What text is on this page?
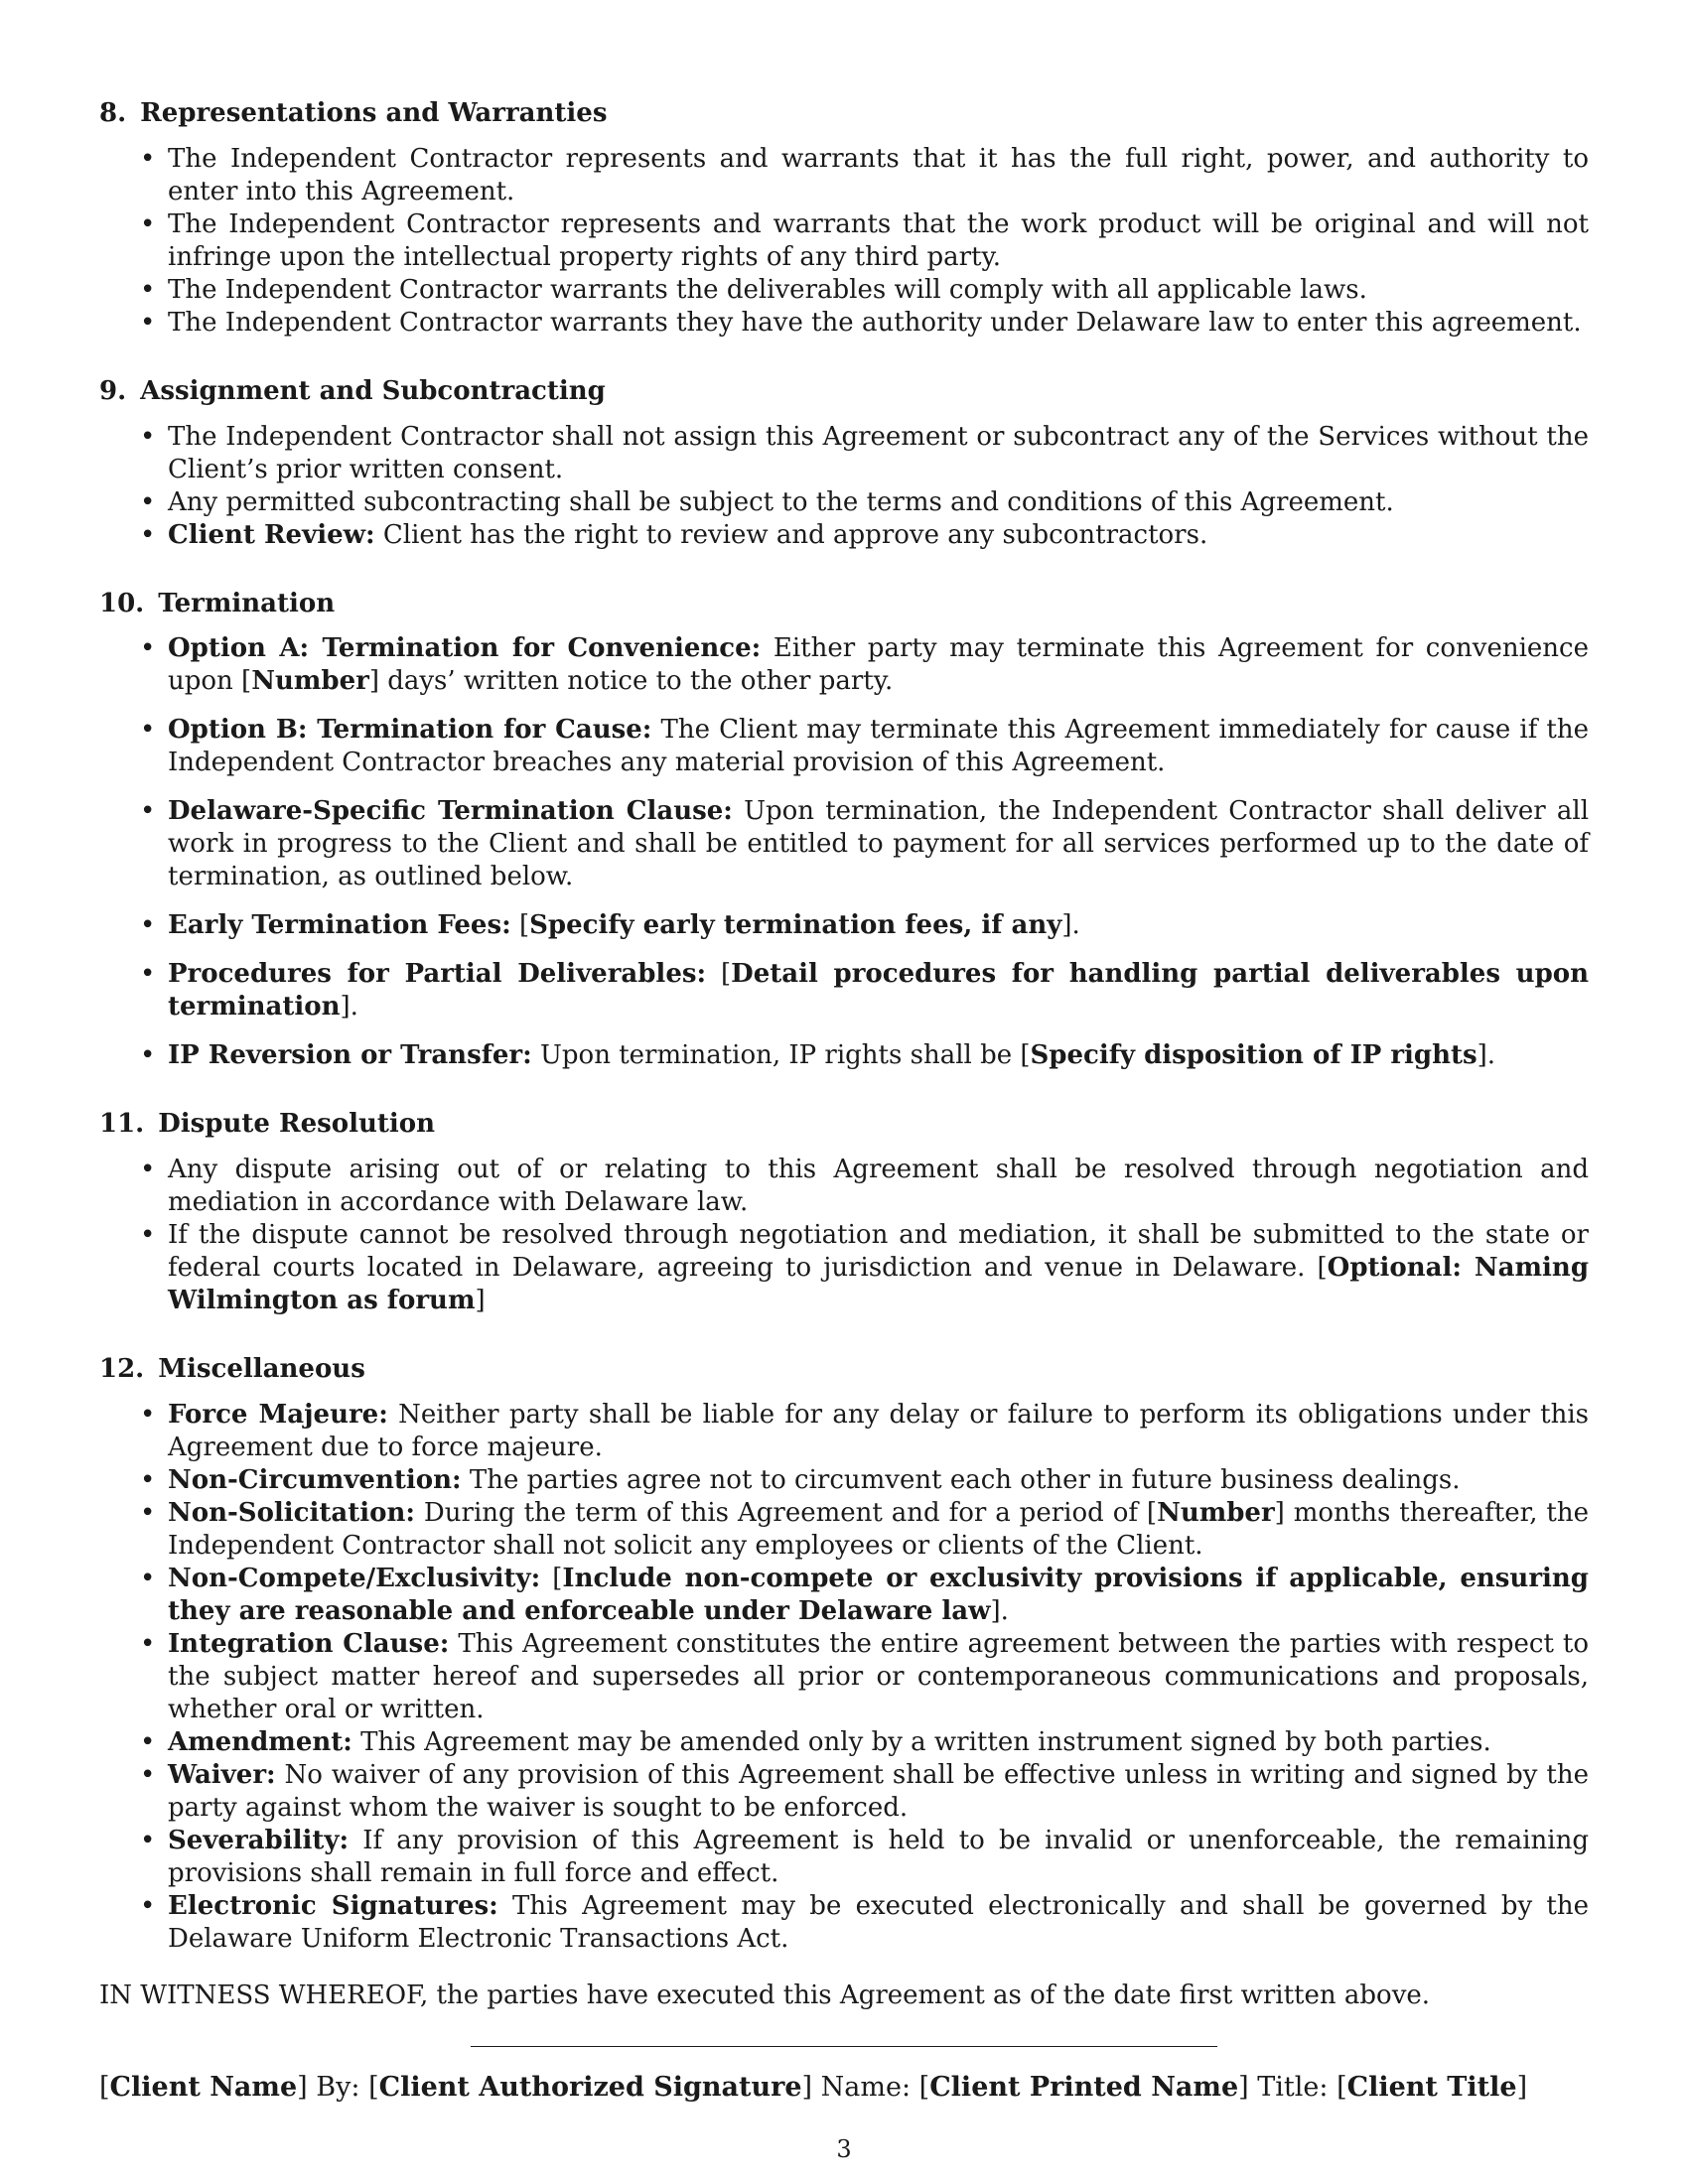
8. Representations and Warranties
• The Independent Contractor represents and warrants that it has the full right, power, and authority to enter into this Agreement.
• The Independent Contractor represents and warrants that the work product will be original and will not infringe upon the intellectual property rights of any third party.
• The Independent Contractor warrants the deliverables will comply with all applicable laws.
• The Independent Contractor warrants they have the authority under Delaware law to enter this agreement.
9. Assignment and Subcontracting
• The Independent Contractor shall not assign this Agreement or subcontract any of the Services without the Client’s prior written consent.
• Any permitted subcontracting shall be subject to the terms and conditions of this Agreement.
• Client Review: Client has the right to review and approve any subcontractors.
10. Termination
• Option A: Termination for Convenience: Either party may terminate this Agreement for convenience upon [Number] days’ written notice to the other party.
• Option B: Termination for Cause: The Client may terminate this Agreement immediately for cause if the Independent Contractor breaches any material provision of this Agreement.
• Delaware-Specific Termination Clause: Upon termination, the Independent Contractor shall deliver all work in progress to the Client and shall be entitled to payment for all services performed up to the date of termination, as outlined below.
• Early Termination Fees: [Specify early termination fees, if any].
• Procedures for Partial Deliverables: [Detail procedures for handling partial deliverables upon termination].
• IP Reversion or Transfer: Upon termination, IP rights shall be [Specify disposition of IP rights].
11. Dispute Resolution
• Any dispute arising out of or relating to this Agreement shall be resolved through negotiation and mediation in accordance with Delaware law.
• If the dispute cannot be resolved through negotiation and mediation, it shall be submitted to the state or federal courts located in Delaware, agreeing to jurisdiction and venue in Delaware. [Optional: Naming Wilmington as forum]
12. Miscellaneous
• Force Majeure: Neither party shall be liable for any delay or failure to perform its obligations under this Agreement due to force majeure.
• Non-Circumvention: The parties agree not to circumvent each other in future business dealings.
• Non-Solicitation: During the term of this Agreement and for a period of [Number] months thereafter, the Independent Contractor shall not solicit any employees or clients of the Client.
• Non-Compete/Exclusivity: [Include non-compete or exclusivity provisions if applicable, ensuring they are reasonable and enforceable under Delaware law].
• Integration Clause: This Agreement constitutes the entire agreement between the parties with respect to the subject matter hereof and supersedes all prior or contemporaneous communications and proposals, whether oral or written.
• Amendment: This Agreement may be amended only by a written instrument signed by both parties.
• Waiver: No waiver of any provision of this Agreement shall be effective unless in writing and signed by the party against whom the waiver is sought to be enforced.
• Severability: If any provision of this Agreement is held to be invalid or unenforceable, the remaining provisions shall remain in full force and effect.
• Electronic Signatures: This Agreement may be executed electronically and shall be governed by the Delaware Uniform Electronic Transactions Act.
IN WITNESS WHEREOF, the parties have executed this Agreement as of the date first written above.
[Client Name] By: [Client Authorized Signature] Name: [Client Printed Name] Title: [Client Title]
3
